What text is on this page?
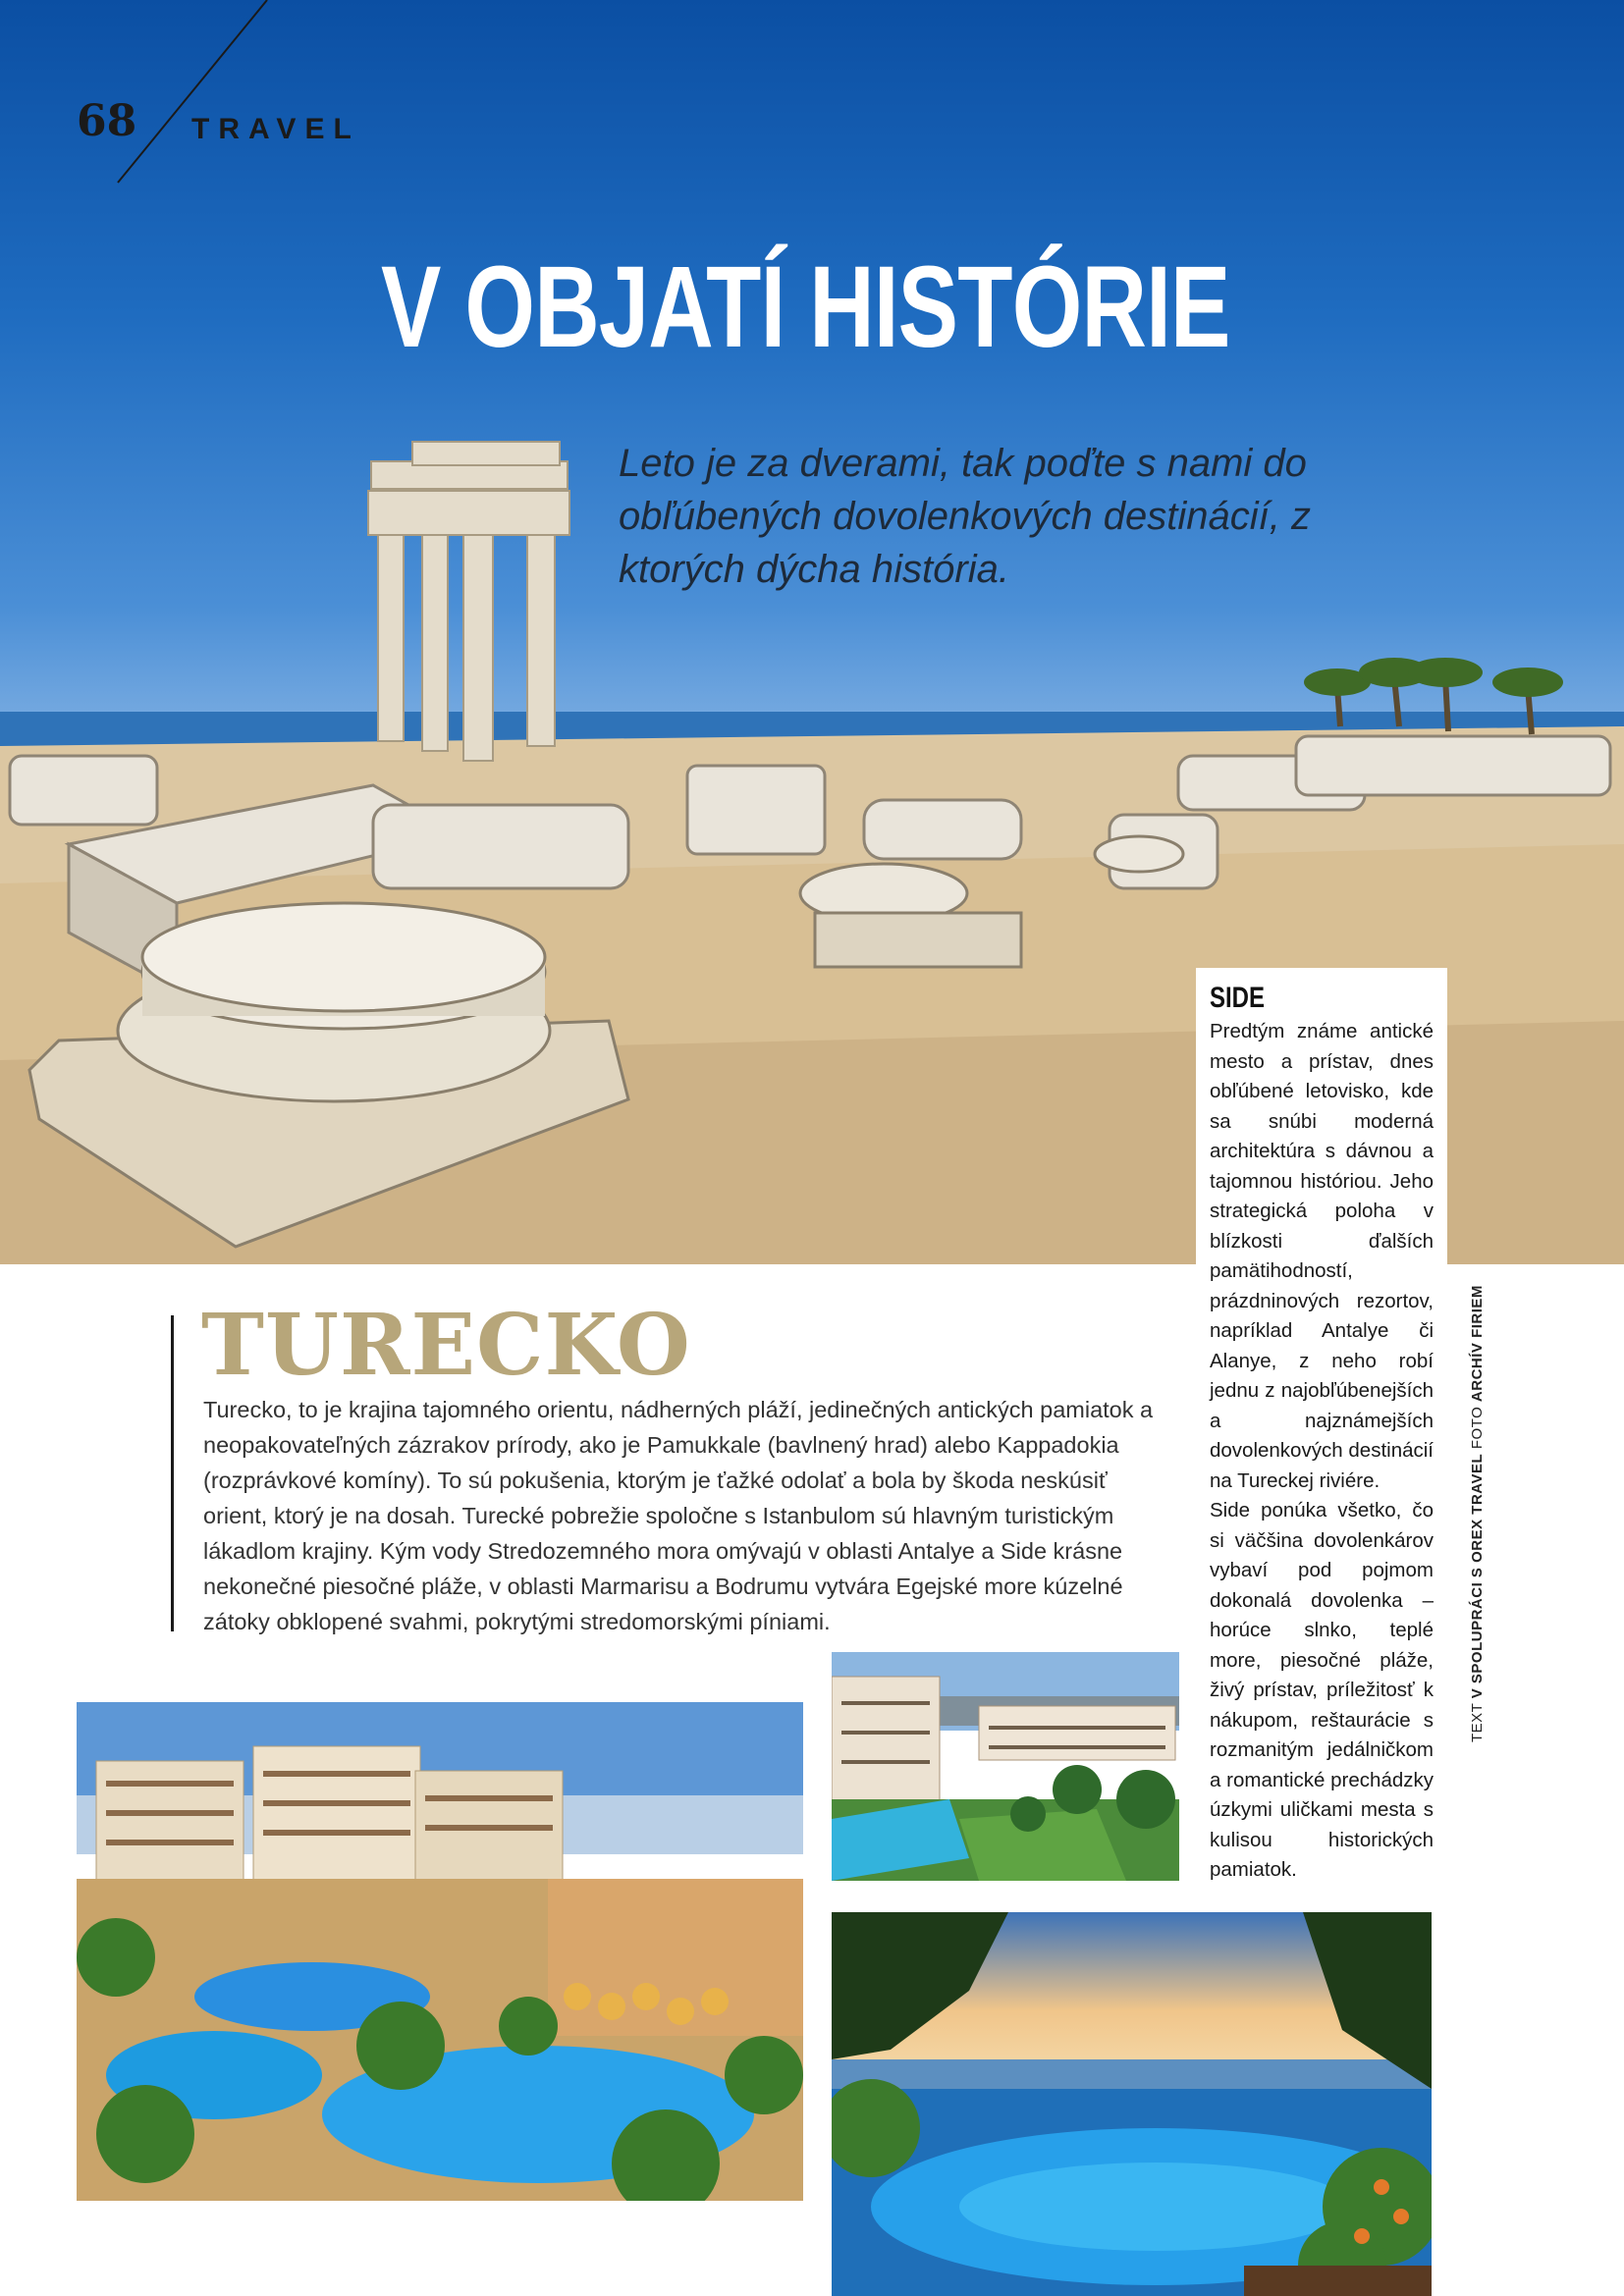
68 TRAVEL
V OBJATÍ HISTÓRIE
Leto je za dverami, tak poďte s nami do obľúbených dovolenkových destinácií, z ktorých dýcha história.
TURECKO
Turecko, to je krajina tajomného orientu, nádherných pláží, jedinečných antických pamiatok a neopakovateľných zázrakov prírody, ako je Pamukkale (bavlnený hrad) alebo Kappadokia (rozprávkové komíny). To sú pokušenia, ktorým je ťažké odolať a bola by škoda neskúsiť orient, ktorý je na dosah. Turecké pobrežie spoločne s Istanbulom sú hlavným turistickým lákadlom krajiny. Kým vody Stredozemného mora omývajú v oblasti Antalye a Side krásne nekonečné piesočné pláže, v oblasti Marmarisu a Bodrumu vytvára Egejské more kúzelné zátoky obklopené svahmi, pokrytými stredomorskými píniami.
SIDE

Predtým známe antické mesto a prístav, dnes obľúbené letovisko, kde sa snúbi moderná architektúra s dávnou a tajomnou históriou. Jeho strategická poloha v blízkosti ďalších pamätihodností, prázdninových rezortov, napríklad Antalye či Alanye, z neho robí jednu z najobľúbenejších a najznámejších dovolenkových destinácií na Tureckej riviére.

Side ponúka všetko, čo si väčšina dovolenkárov vybaví pod pojmom dokonalá dovolenka – horúce slnko, teplé more, piesočné pláže, živý prístav, príležitosť k nákupom, reštaurácie s rozmanitým jedálničkom a romantické prechádzky úzkymi uličkami mesta s kulisou historických pamiatok.

TEXT V SPOLUPRÁCI S OREX TRAVEL FOTO ARCHÍV FIRIEM
